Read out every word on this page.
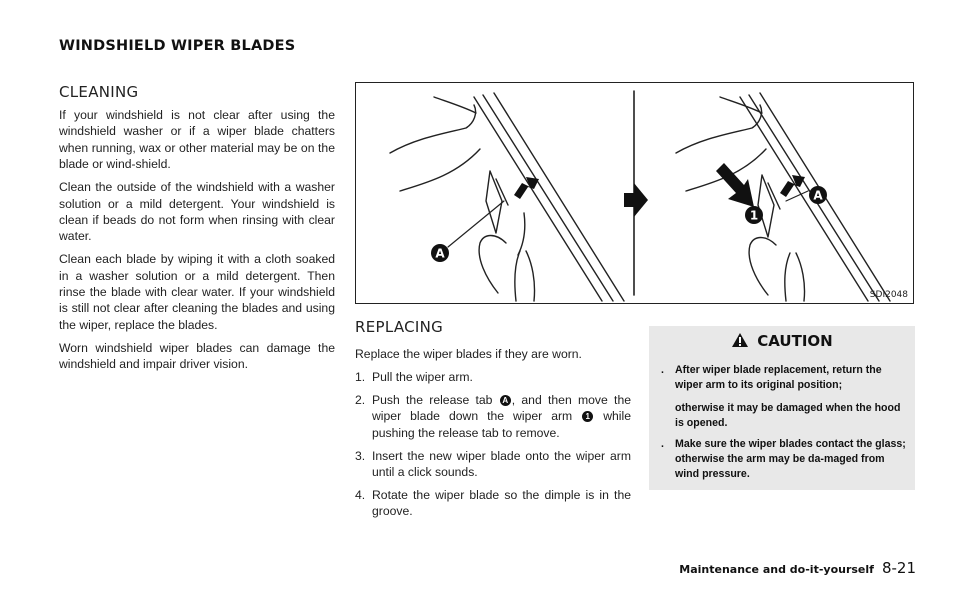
WINDSHIELD WIPER BLADES
CLEANING

If your windshield is not clear after using the windshield washer or if a wiper blade chatters when running, wax or other material may be on the blade or wind-shield.

Clean the outside of the windshield with a washer solution or a mild detergent. Your windshield is clean if beads do not form when rinsing with clear water.

Clean each blade by wiping it with a cloth soaked in a washer solution or a mild detergent. Then rinse the blade with clear water. If your windshield is still not clear after cleaning the blades and using the wiper, replace the blades.

Worn windshield wiper blades can damage the windshield and impair driver vision.

A
A
1
SDI2048
REPLACING

Replace the wiper blades if they are worn.

1. Pull the wiper arm.
2. Push the release tab A , and then move the wiper blade down the wiper arm 1 while pushing the release tab to remove.
3. Insert the new wiper blade onto the wiper arm until a click sounds.
4. Rotate the wiper blade so the dimple is in the groove.
CAUTION
.	After wiper blade replacement, return the wiper arm to its original position;
otherwise it may be damaged when the hood is opened.
.	Make sure the wiper blades contact the glass; otherwise the arm may be da-maged from wind pressure.
Maintenance and do-it-yourself 8-21
